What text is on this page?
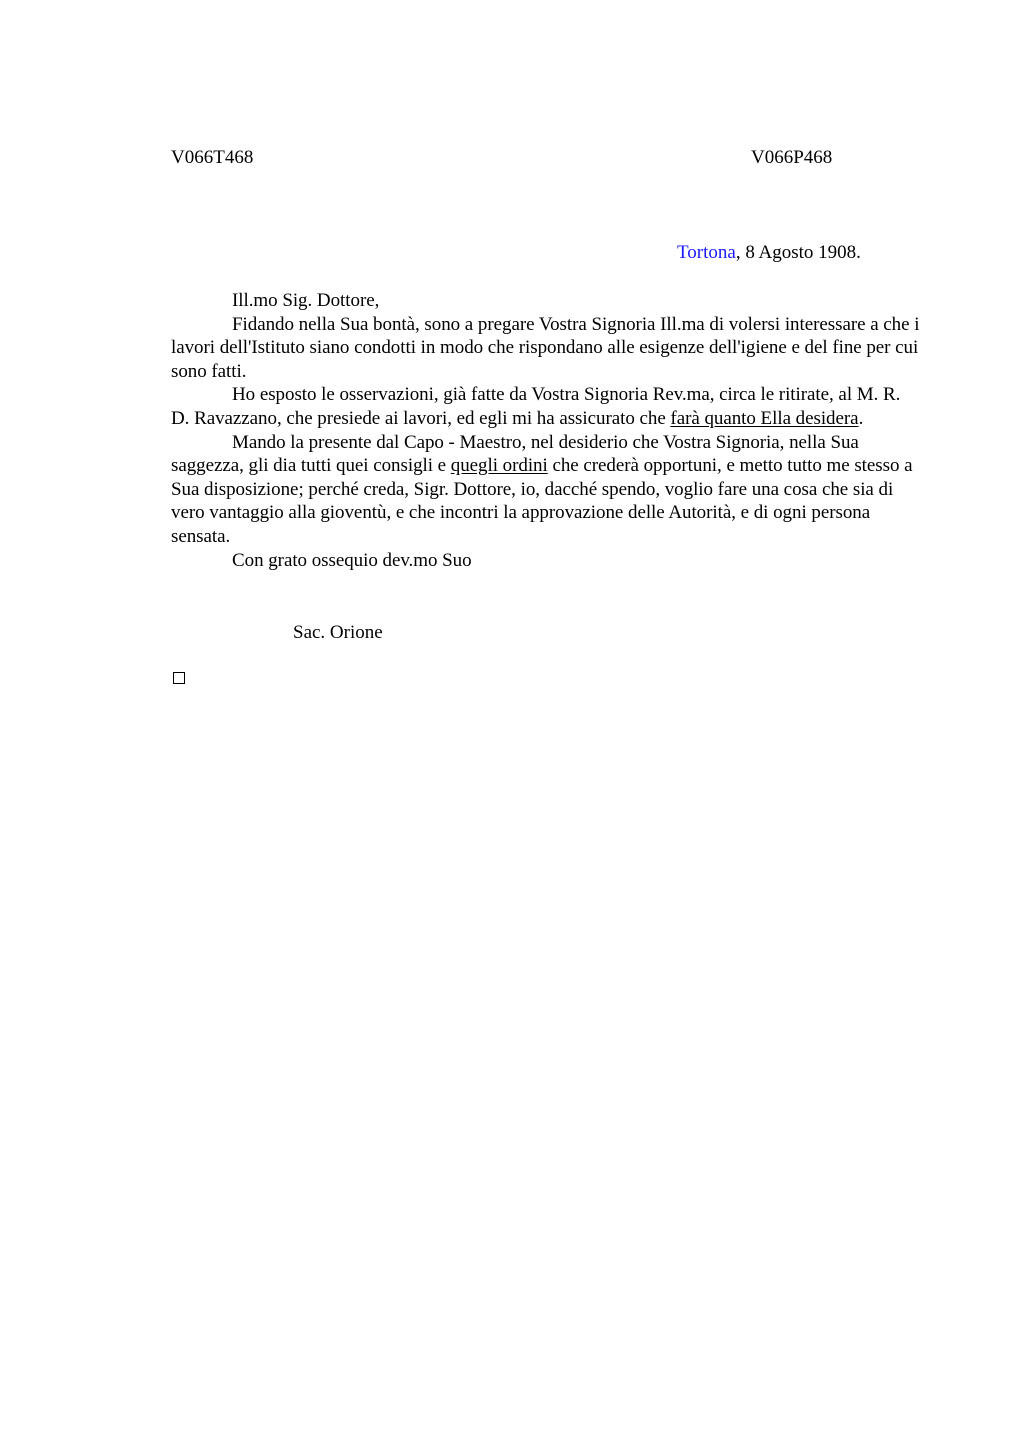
V066T468	V066P468
Tortona, 8 Agosto 1908.

Ill.mo Sig. Dottore,

Fidando nella Sua bontà, sono a pregare Vostra Signoria Ill.ma di volersi interessare a che i lavori dell'Istituto siano condotti in modo che rispondano alle esigenze dell'igiene e del fine per cui sono fatti.

Ho esposto le osservazioni, già fatte da Vostra Signoria Rev.ma, circa le ritirate, al M. R. D. Ravazzano, che presiede ai lavori, ed egli mi ha assicurato che farà quanto Ella desidera.

Mando la presente dal Capo - Maestro, nel desiderio che Vostra Signoria, nella Sua saggezza, gli dia tutti quei consigli e quegli ordini che crederà opportuni, e metto tutto me stesso a Sua disposizione; perché creda, Sigr. Dottore, io, dacché spendo, voglio fare una cosa che sia di vero vantaggio alla gioventù, e che incontri la approvazione delle Autorità, e di ogni persona sensata.

Con grato ossequio dev.mo Suo

Sac. Orione
